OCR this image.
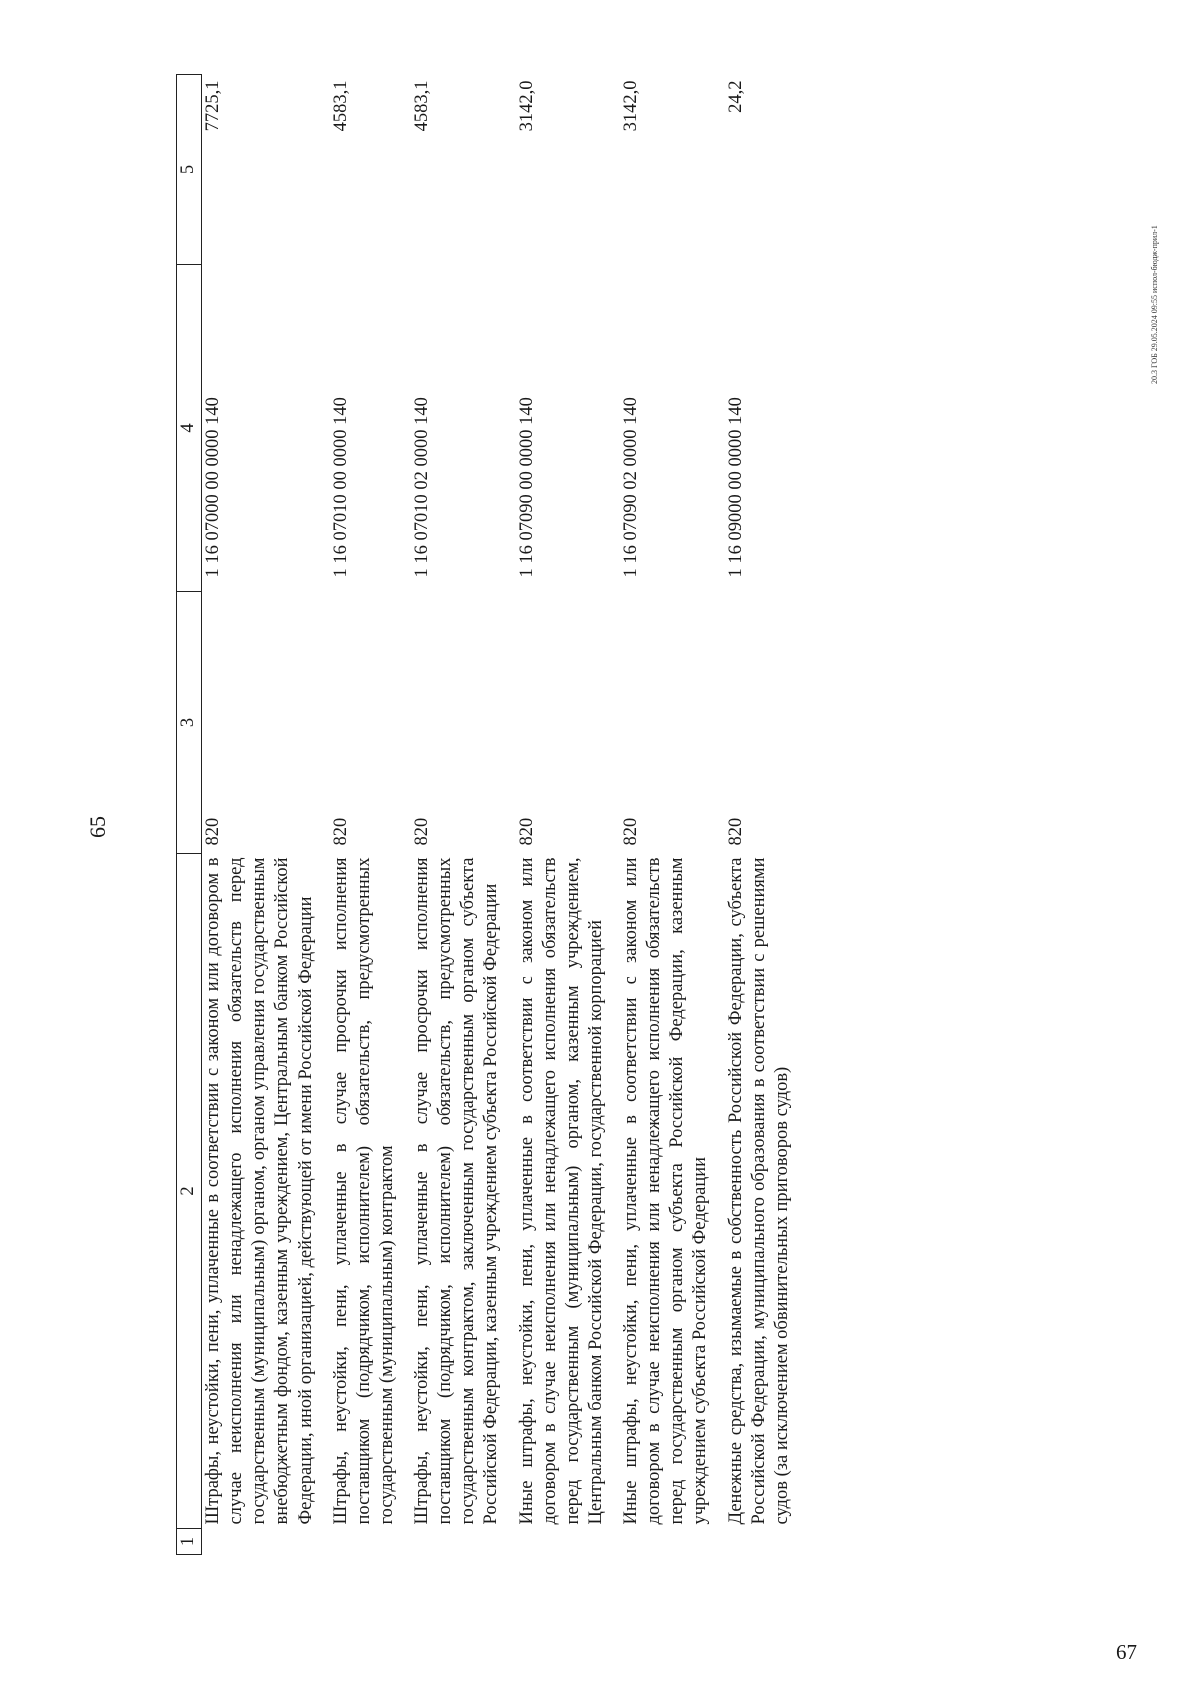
65
1	2	3	4	5
	Штрафы, неустойки, пени, уплаченные в соответствии с законом или договором в случае неисполнения или ненадлежащего исполнения обязательств перед государственным (муниципальным) органом, органом управления государственным внебюджетным фондом, казенным учреждением, Центральным банком Российской Федерации, иной организацией, действующей от имени Российской Федерации	820	1 16 07000 00 0000 140	7725,1
	Штрафы, неустойки, пени, уплаченные в случае просрочки исполнения поставщиком (подрядчиком, исполнителем) обязательств, предусмотренных государственным (муниципальным) контрактом	820	1 16 07010 00 0000 140	4583,1
	Штрафы, неустойки, пени, уплаченные в случае просрочки исполнения поставщиком (подрядчиком, исполнителем) обязательств, предусмотренных государственным контрактом, заключенным государственным органом субъекта Российской Федерации, казенным учреждением субъекта Российской Федерации	820	1 16 07010 02 0000 140	4583,1
	Иные штрафы, неустойки, пени, уплаченные в соответствии с законом или договором в случае неисполнения или ненадлежащего исполнения обязательств перед государственным (муниципальным) органом, казенным учреждением, Центральным банком Российской Федерации, государственной корпорацией	820	1 16 07090 00 0000 140	3142,0
	Иные штрафы, неустойки, пени, уплаченные в соответствии с законом или договором в случае неисполнения или ненадлежащего исполнения обязательств перед государственным органом субъекта Российской Федерации, казенным учреждением субъекта Российской Федерации	820	1 16 07090 02 0000 140	3142,0
	Денежные средства, изымаемые в собственность Российской Федерации, субъекта Российской Федерации, муниципального образования в соответствии с решениями судов (за исключением обвинительных приговоров судов)	820	1 16 09000 00 0000 140	24,2
20.3 ГОБ 29.05.2024 09:55 испол-бюдж-прил-1
67
